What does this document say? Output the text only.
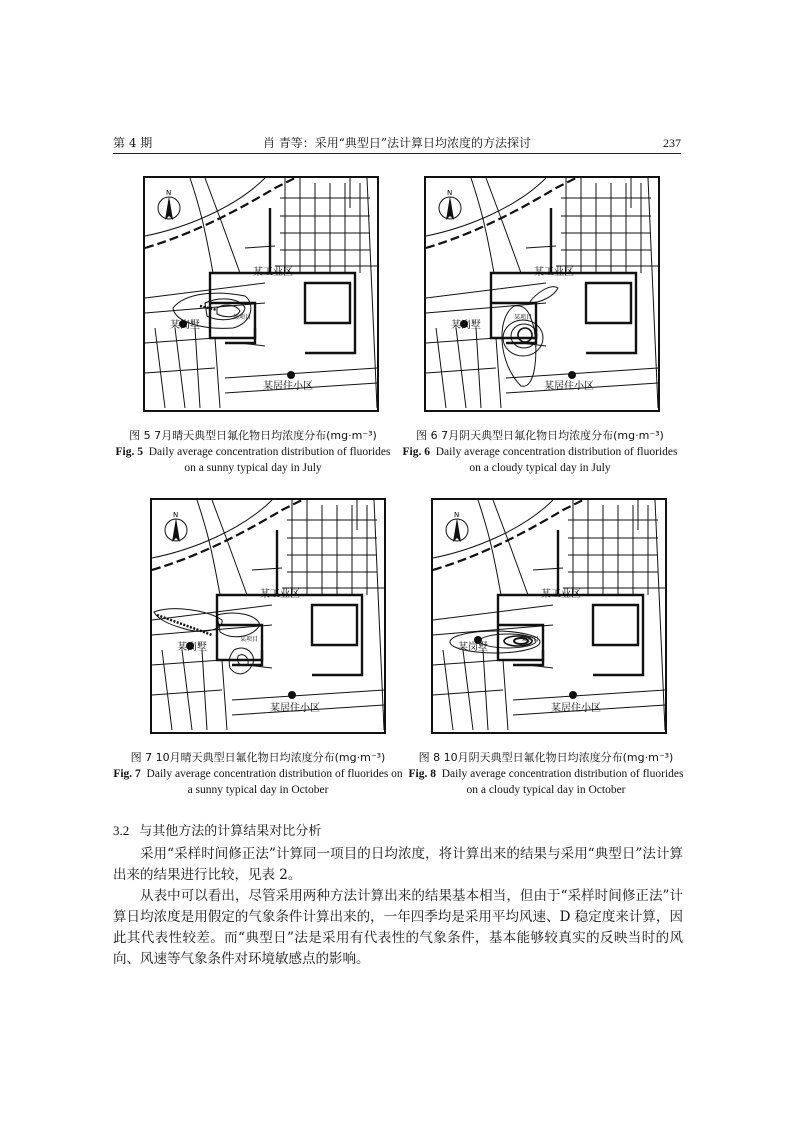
第 4 期	肖 青等：采用“典型日”法计算日均浓度的方法探讨	237
N
某工业区
某岗墅
某居住小区
某项目
图 5 7月晴天典型日氟化物日均浓度分布(mg·m⁻³)
Fig. 5 Daily average concentration distribution of fluorides on a sunny typical day in July
N
某工业区
某岗墅
某居住小区
某项目
图 6 7月阴天典型日氟化物日均浓度分布(mg·m⁻³)
Fig. 6 Daily average concentration distribution of fluorides on a cloudy typical day in July
N
某工业区
某岗墅
某居住小区
某项目
图 7 10月晴天典型日氟化物日均浓度分布(mg·m⁻³)
Fig. 7 Daily average concentration distribution of fluorides on a sunny typical day in October
N
某工业区
某岗墅
某居住小区
某项目
图 8 10月阴天典型日氟化物日均浓度分布(mg·m⁻³)
Fig. 8 Daily average concentration distribution of fluorides on a cloudy typical day in October
3.2 与其他方法的计算结果对比分析

采用“采样时间修正法”计算同一项目的日均浓度，将计算出来的结果与采用“典型日”法计算出来的结果进行比较，见表 2。

从表中可以看出，尽管采用两种方法计算出来的结果基本相当，但由于“采样时间修正法”计算日均浓度是用假定的气象条件计算出来的，一年四季均是采用平均风速、D 稳定度来计算，因此其代表性较差。而“典型日”法是采用有代表性的气象条件，基本能够较真实的反映当时的风向、风速等气象条件对环境敏感点的影响。
